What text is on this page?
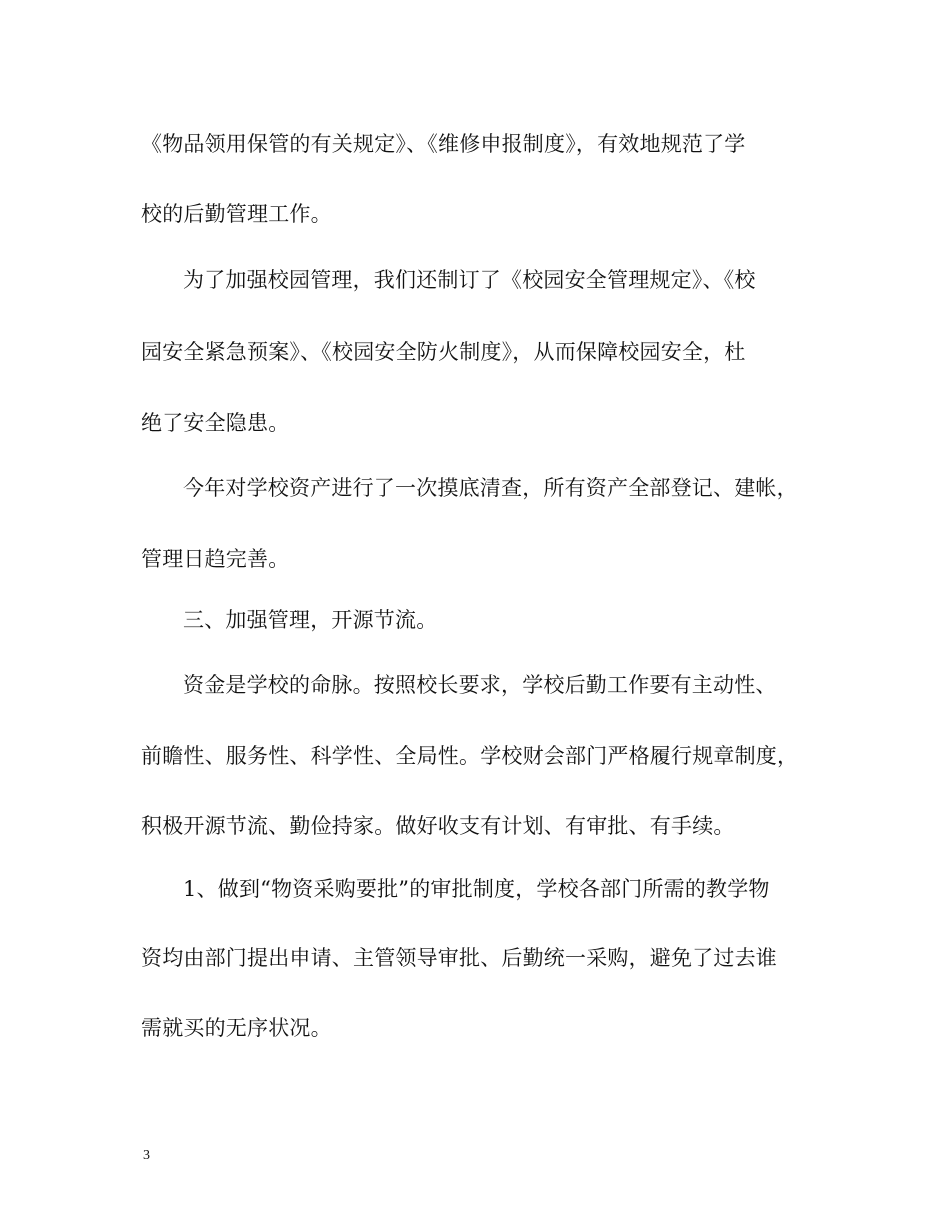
《物品领用保管的有关规定》、《维修申报制度》，有效地规范了学
校的后勤管理工作。
为了加强校园管理，我们还制订了《校园安全管理规定》、《校
园安全紧急预案》、《校园安全防火制度》，从而保障校园安全，杜
绝了安全隐患。
今年对学校资产进行了一次摸底清查，所有资产全部登记、建帐，
管理日趋完善。
三、加强管理，开源节流。
资金是学校的命脉。按照校长要求，学校后勤工作要有主动性、
前瞻性、服务性、科学性、全局性。学校财会部门严格履行规章制度，
积极开源节流、勤俭持家。做好收支有计划、有审批、有手续。
1、做到“物资采购要批”的审批制度，学校各部门所需的教学物
资均由部门提出申请、主管领导审批、后勤统一采购，避免了过去谁
需就买的无序状况。
3
